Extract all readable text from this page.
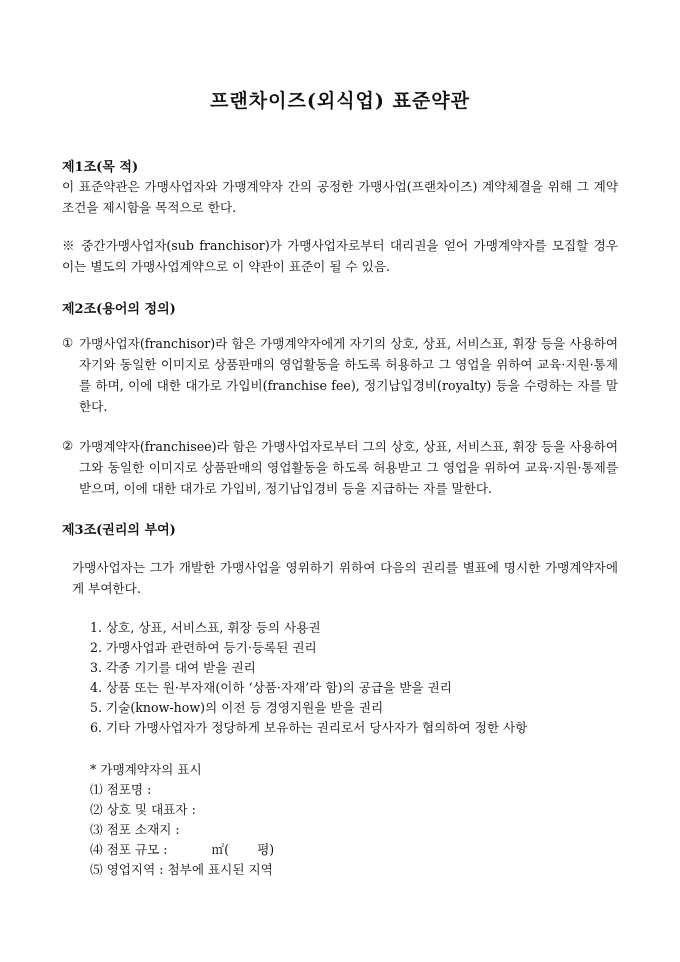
프랜차이즈(외식업) 표준약관
제1조(목 적)
이 표준약관은 가맹사업자와 가맹계약자 간의 공정한 가맹사업(프랜차이즈) 계약체결을 위해 그 계약조건을 제시함을 목적으로 한다.
※ 중간가맹사업자(sub franchisor)가 가맹사업자로부터 대리권을 얻어 가맹계약자를 모집할 경우 이는 별도의 가맹사업계약으로 이 약관이 표준이 될 수 있음.
제2조(용어의 정의)
① 가맹사업자(franchisor)라 함은 가맹계약자에게 자기의 상호, 상표, 서비스표, 휘장 등을 사용하여 자기와 동일한 이미지로 상품판매의 영업활동을 하도록 허용하고 그 영업을 위하여 교육·지원·통제를 하며, 이에 대한 대가로 가입비(franchise fee), 정기납입경비(royalty) 등을 수령하는 자를 말한다.
② 가맹계약자(franchisee)라 함은 가맹사업자로부터 그의 상호, 상표, 서비스표, 휘장 등을 사용하여 그와 동일한 이미지로 상품판매의 영업활동을 하도록 허용받고 그 영업을 위하여 교육·지원·통제를 받으며, 이에 대한 대가로 가입비, 정기납입경비 등을 지급하는 자를 말한다.
제3조(권리의 부여)
가맹사업자는 그가 개발한 가맹사업을 영위하기 위하여 다음의 권리를 별표에 명시한 가맹계약자에게 부여한다.
1. 상호, 상표, 서비스표, 휘장 등의 사용권
2. 가맹사업과 관련하여 등기·등록된 권리
3. 각종 기기를 대여 받을 권리
4. 상품 또는 원·부자재(이하 ‘상품·자재’라 함)의 공급을 받을 권리
5. 기술(know-how)의 이전 등 경영지원을 받을 권리
6. 기타 가맹사업자가 정당하게 보유하는 권리로서 당사자가 협의하여 정한 사항
* 가맹계약자의 표시
⑴ 점포명 :
⑵ 상호 및 대표자 :
⑶ 점포 소재지 :
⑷ 점포 규모 :           ㎡(       평)
⑸ 영업지역 : 첨부에 표시된 지역
